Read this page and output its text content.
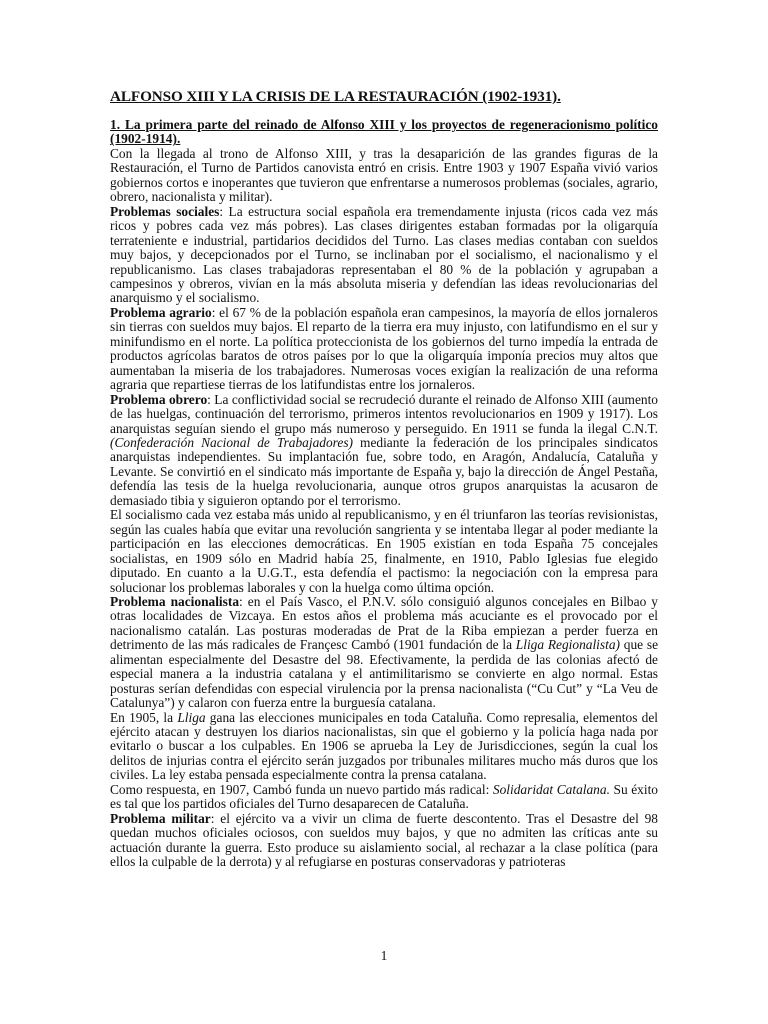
ALFONSO XIII Y LA CRISIS DE LA RESTAURACIÓN (1902-1931).

1. La primera parte del reinado de Alfonso XIII y los proyectos de regeneracionismo político (1902-1914).

Con la llegada al trono de Alfonso XIII, y tras la desaparición de las grandes figuras de la Restauración, el Turno de Partidos canovista entró en crisis. Entre 1903 y 1907 España vivió varios gobiernos cortos e inoperantes que tuvieron que enfrentarse a numerosos problemas (sociales, agrario, obrero, nacionalista y militar).

Problemas sociales: La estructura social española era tremendamente injusta (ricos cada vez más ricos y pobres cada vez más pobres). Las clases dirigentes estaban formadas por la oligarquía terrateniente e industrial, partidarios decididos del Turno. Las clases medias contaban con sueldos muy bajos, y decepcionados por el Turno, se inclinaban por el socialismo, el nacionalismo y el republicanismo. Las clases trabajadoras representaban el 80 % de la población y agrupaban a campesinos y obreros, vivían en la más absoluta miseria y defendían las ideas revolucionarias del anarquismo y el socialismo.

Problema agrario: el 67 % de la población española eran campesinos, la mayoría de ellos jornaleros sin tierras con sueldos muy bajos. El reparto de la tierra era muy injusto, con latifundismo en el sur y minifundismo en el norte. La política proteccionista de los gobiernos del turno impedía la entrada de productos agrícolas baratos de otros países por lo que la oligarquía imponía precios muy altos que aumentaban la miseria de los trabajadores. Numerosas voces exigían la realización de una reforma agraria que repartiese tierras de los latifundistas entre los jornaleros.

Problema obrero: La conflictividad social se recrudeció durante el reinado de Alfonso XIII (aumento de las huelgas, continuación del terrorismo, primeros intentos revolucionarios en 1909 y 1917). Los anarquistas seguían siendo el grupo más numeroso y perseguido. En 1911 se funda la ilegal C.N.T. (Confederación Nacional de Trabajadores) mediante la federación de los principales sindicatos anarquistas independientes. Su implantación fue, sobre todo, en Aragón, Andalucía, Cataluña y Levante. Se convirtió en el sindicato más importante de España y, bajo la dirección de Ángel Pestaña, defendía las tesis de la huelga revolucionaria, aunque otros grupos anarquistas la acusaron de demasiado tibia y siguieron optando por el terrorismo.

El socialismo cada vez estaba más unido al republicanismo, y en él triunfaron las teorías revisionistas, según las cuales había que evitar una revolución sangrienta y se intentaba llegar al poder mediante la participación en las elecciones democráticas. En 1905 existían en toda España 75 concejales socialistas, en 1909 sólo en Madrid había 25, finalmente, en 1910, Pablo Iglesias fue elegido diputado. En cuanto a la U.G.T., esta defendía el pactismo: la negociación con la empresa para solucionar los problemas laborales y con la huelga como última opción.

Problema nacionalista: en el País Vasco, el P.N.V. sólo consiguió algunos concejales en Bilbao y otras localidades de Vizcaya. En estos años el problema más acuciante es el provocado por el nacionalismo catalán. Las posturas moderadas de Prat de la Riba empiezan a perder fuerza en detrimento de las más radicales de Françesc Cambó (1901 fundación de la Lliga Regionalista) que se alimentan especialmente del Desastre del 98. Efectivamente, la perdida de las colonias afectó de especial manera a la industria catalana y el antimilitarismo se convierte en algo normal. Estas posturas serían defendidas con especial virulencia por la prensa nacionalista (“Cu Cut” y “La Veu de Catalunya”) y calaron con fuerza entre la burguesía catalana.

En 1905, la Lliga gana las elecciones municipales en toda Cataluña. Como represalia, elementos del ejército atacan y destruyen los diarios nacionalistas, sin que el gobierno y la policía haga nada por evitarlo o buscar a los culpables. En 1906 se aprueba la Ley de Jurisdicciones, según la cual los delitos de injurias contra el ejército serán juzgados por tribunales militares mucho más duros que los civiles. La ley estaba pensada especialmente contra la prensa catalana.

Como respuesta, en 1907, Cambó funda un nuevo partido más radical: Solidaridat Catalana. Su éxito es tal que los partidos oficiales del Turno desaparecen de Cataluña.

Problema militar: el ejército va a vivir un clima de fuerte descontento. Tras el Desastre del 98 quedan muchos oficiales ociosos, con sueldos muy bajos, y que no admiten las críticas ante su actuación durante la guerra. Esto produce su aislamiento social, al rechazar a la clase política (para ellos la culpable de la derrota) y al refugiarse en posturas conservadoras y patrioteras

1
